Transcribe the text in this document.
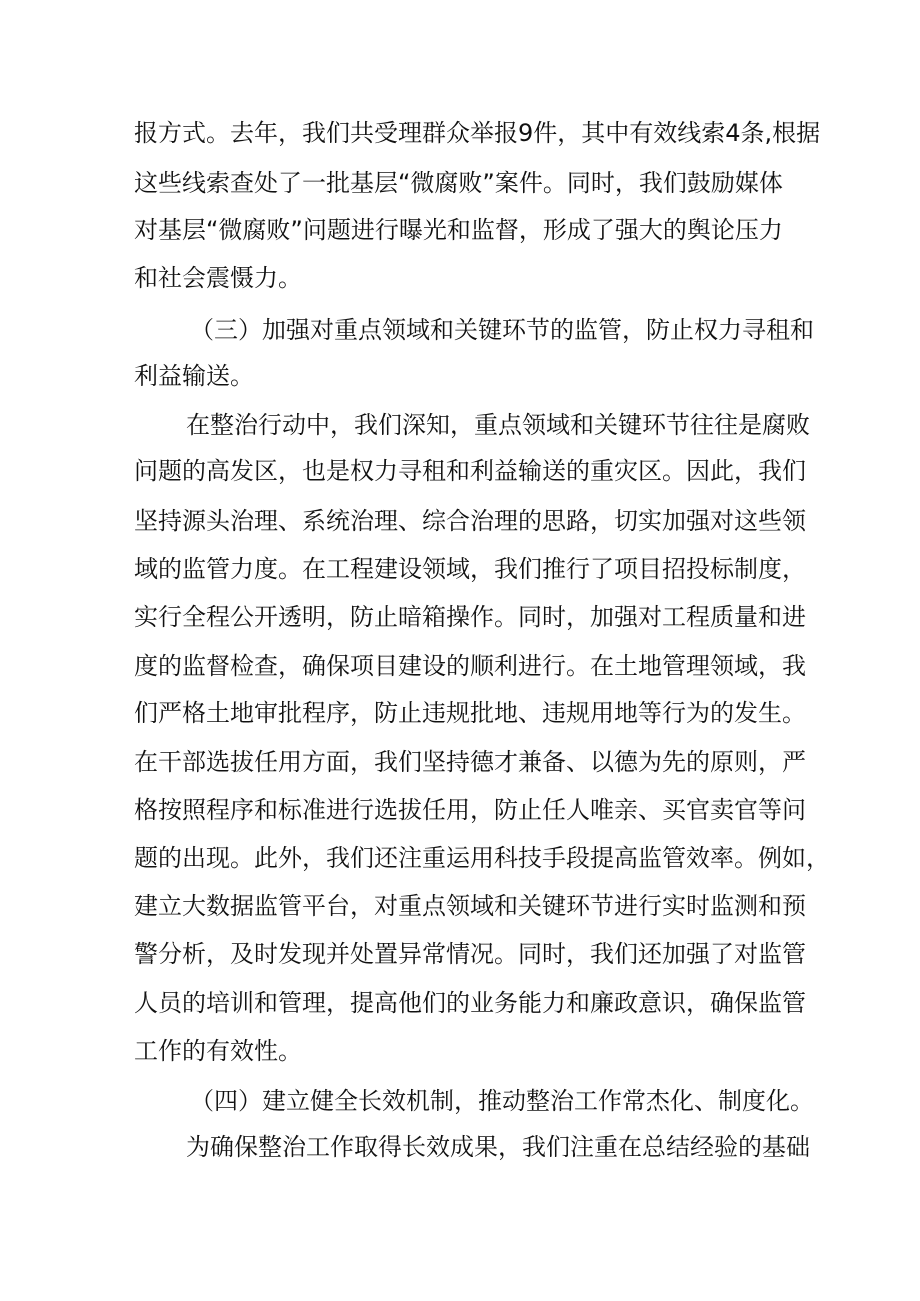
报方式。去年，我们共受理群众举报9件，其中有效线索4条,根据
这些线索查处了一批基层“微腐败”案件。同时，我们鼓励媒体
对基层“微腐败”问题进行曝光和监督，形成了强大的舆论压力
和社会震慑力。
（三）加强对重点领域和关键环节的监管，防止权力寻租和
利益输送。
在整治行动中，我们深知，重点领域和关键环节往往是腐败
问题的高发区，也是权力寻租和利益输送的重灾区。因此，我们
坚持源头治理、系统治理、综合治理的思路，切实加强对这些领
域的监管力度。在工程建设领域，我们推行了项目招投标制度，
实行全程公开透明，防止暗箱操作。同时，加强对工程质量和进
度的监督检查，确保项目建设的顺利进行。在土地管理领域，我
们严格土地审批程序，防止违规批地、违规用地等行为的发生。
在干部选拔任用方面，我们坚持德才兼备、以德为先的原则，严
格按照程序和标准进行选拔任用，防止任人唯亲、买官卖官等问
题的出现。此外，我们还注重运用科技手段提高监管效率。例如，
建立大数据监管平台，对重点领域和关键环节进行实时监测和预
警分析，及时发现并处置异常情况。同时，我们还加强了对监管
人员的培训和管理，提高他们的业务能力和廉政意识，确保监管
工作的有效性。
（四）建立健全长效机制，推动整治工作常杰化、制度化。
为确保整治工作取得长效成果，我们注重在总结经验的基础
